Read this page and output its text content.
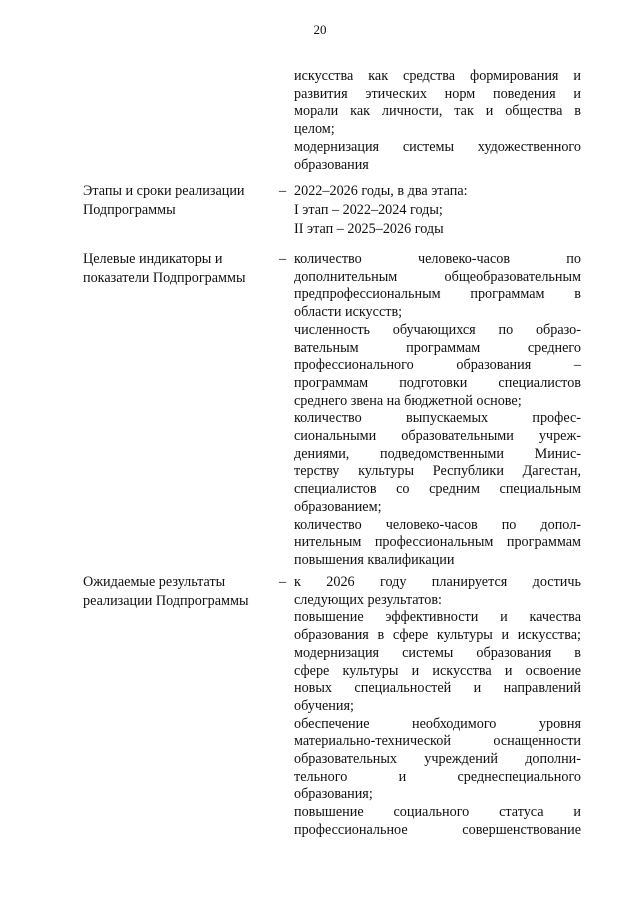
20
искусства как средства формирования и
развития этических норм поведения и
морали как личности, так и общества в
целом;
модернизация системы художественного
образования
Этапы и сроки реализации
Подпрограммы
– 2022–2026 годы, в два этапа:
I этап – 2022–2024 годы;
II этап – 2025–2026 годы
Целевые индикаторы и
показатели Подпрограммы
– количество человеко-часов по
дополнительным общеобразовательным
предпрофессиональным программам в
области искусств;
численность обучающихся по образо-
вательным программам среднего
профессионального образования –
программам подготовки специалистов
среднего звена на бюджетной основе;
количество выпускаемых профес-
сиональными образовательными учреж-
дениями, подведомственными Минис-
терству культуры Республики Дагестан,
специалистов со средним специальным
образованием;
количество человеко-часов по допол-
нительным профессиональным программам
повышения квалификации
Ожидаемые результаты
реализации Подпрограммы
– к 2026 году планируется достичь
следующих результатов:
повышение эффективности и качества
образования в сфере культуры и искусства;
модернизация системы образования в
сфере культуры и искусства и освоение
новых специальностей и направлений
обучения;
обеспечение необходимого уровня
материально-технической оснащенности
образовательных учреждений дополни-
тельного и среднеспециального
образования;
повышение социального статуса и
профессиональное совершенствование
